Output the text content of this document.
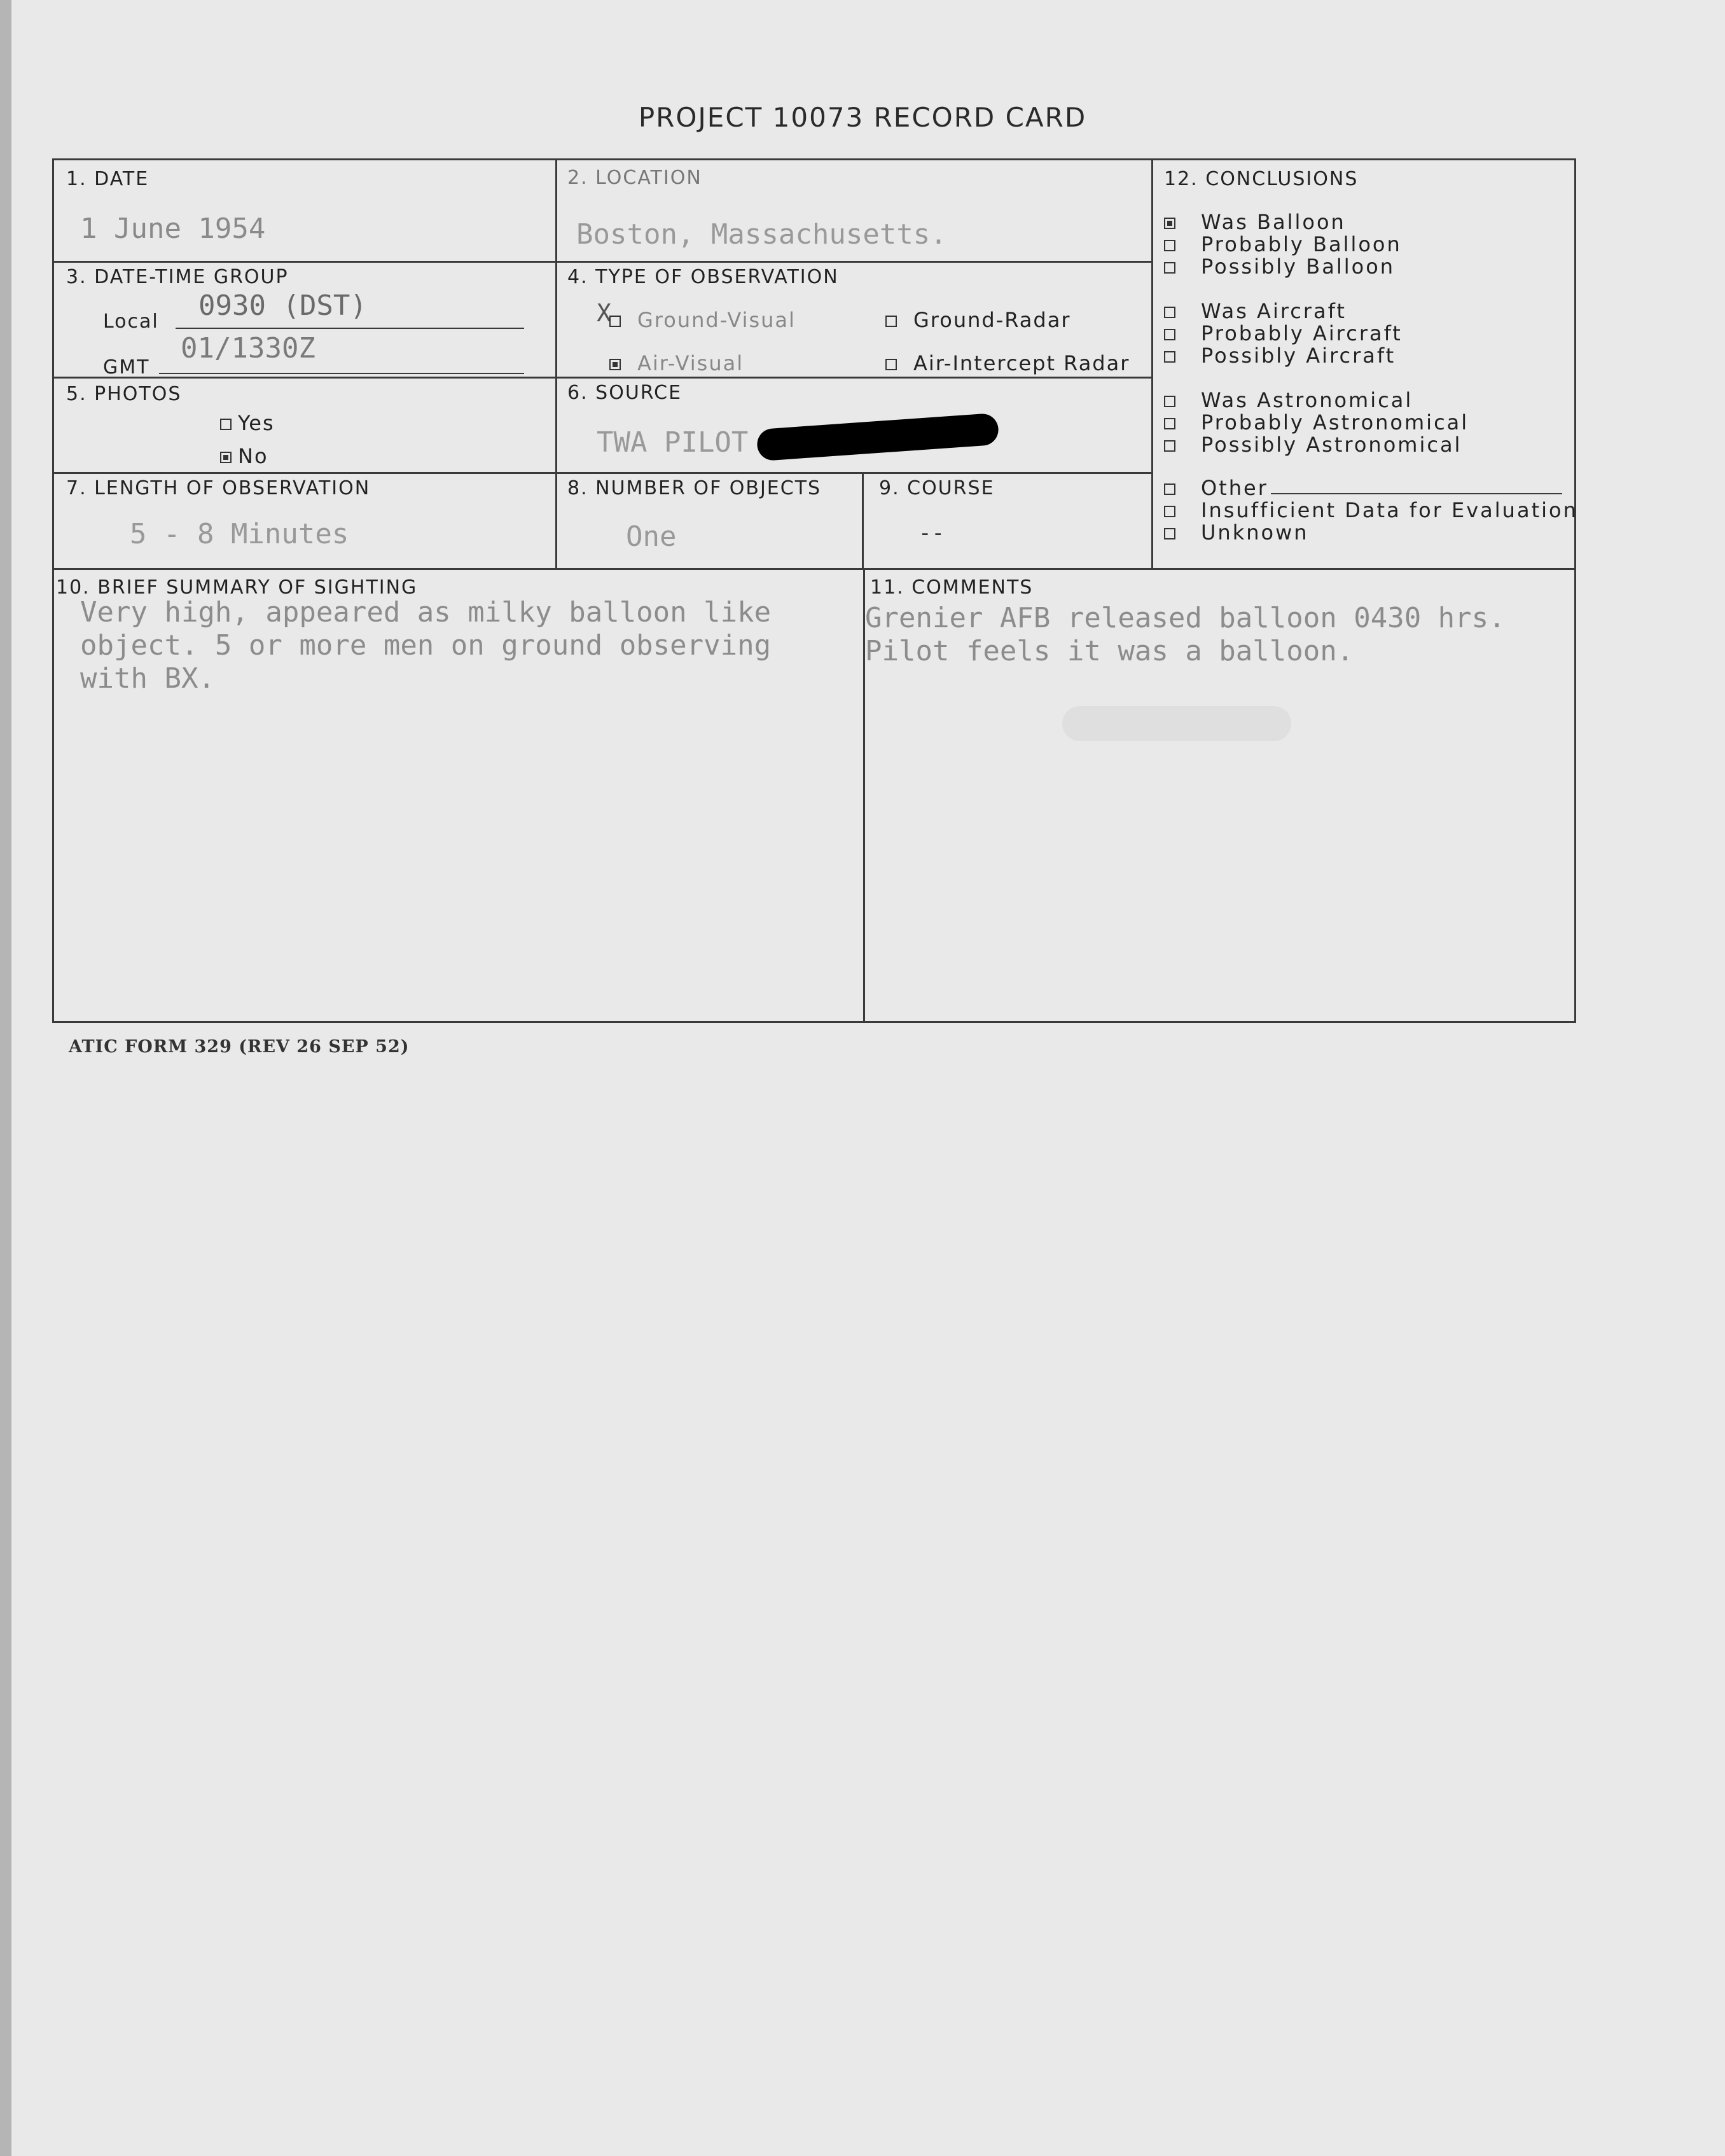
PROJECT 10073 RECORD CARD
1. DATE
1 June 1954
2. LOCATION
Boston, Massachusetts.
3. DATE-TIME GROUP
Local 0930 (DST)
GMT
01/1330Z
4. TYPE OF OBSERVATION
X	Ground-Visual	Ground-Radar
Air-Visual	Air-Intercept Radar
5. PHOTOS
Yes
No
6. SOURCE
TWA PILOT
7. LENGTH OF OBSERVATION
5 - 8 Minutes
8. NUMBER OF OBJECTS
One
9. COURSE
--
10. BRIEF SUMMARY OF SIGHTING
Very high, appeared as milky balloon like
object. 5 or more men on ground observing
with BX.
11. COMMENTS
Grenier AFB released balloon 0430 hrs.
Pilot feels it was a balloon.
12. CONCLUSIONS
Was Balloon
Probably Balloon
Possibly Balloon
Was Aircraft
Probably Aircraft
Possibly Aircraft
Was Astronomical
Probably Astronomical
Possibly Astronomical
Other
Insufficient Data for Evaluation
Unknown
ATIC FORM 329 (REV 26 SEP 52)
